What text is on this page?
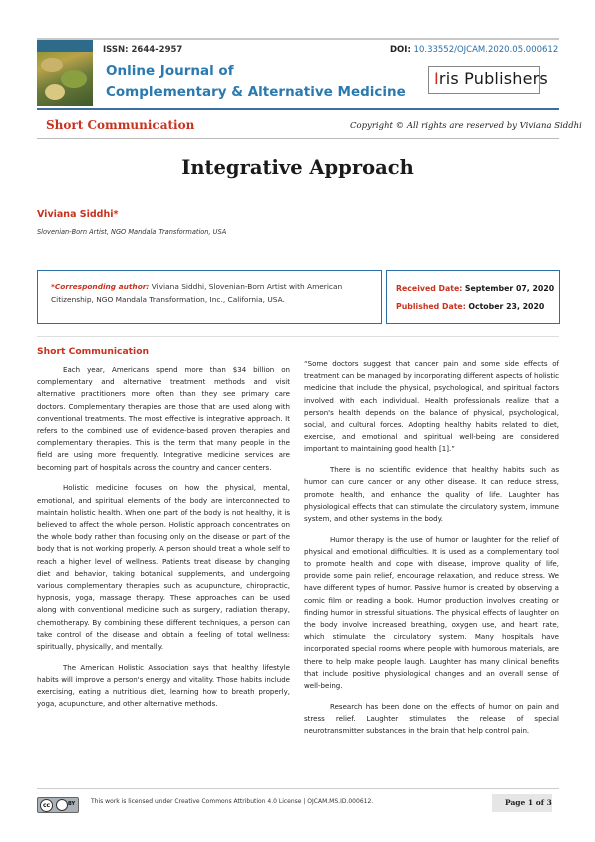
ISSN: 2644-2957	DOI: 10.33552/OJCAM.2020.05.000612
Online Journal of
Complementary & Alternative Medicine
Iris Publishers
Short Communication	Copyright © All rights are reserved by Viviana Siddhi
Integrative Approach
Viviana Siddhi*
Slovenian-Born Artist, NGO Mandala Transformation, USA
*Corresponding author: Viviana Siddhi, Slovenian-Born Artist with American Citizenship, NGO Mandala Transformation, Inc., California, USA.
Received Date: September 07, 2020
Published Date: October 23, 2020
Short Communication

Each year, Americans spend more than $34 billion on complementary and alternative treatment methods and visit alternative practitioners more often than they see primary care doctors. Complementary therapies are those that are used along with conventional treatments. The most effective is integrative approach. It refers to the combined use of evidence-based proven therapies and complementary therapies. This is the term that many people in the field are using more frequently. Integrative medicine services are becoming part of hospitals across the country and cancer centers.

Holistic medicine focuses on how the physical, mental, emotional, and spiritual elements of the body are interconnected to maintain holistic health. When one part of the body is not healthy, it is believed to affect the whole person. Holistic approach concentrates on the whole body rather than focusing only on the disease or part of the body that is not working properly. A person should treat a whole self to reach a higher level of wellness. Patients treat disease by changing diet and behavior, taking botanical supplements, and undergoing various complementary therapies such as acupuncture, chiropractic, hypnosis, yoga, massage therapy. These approaches can be used along with conventional medicine such as surgery, radiation therapy, chemotherapy. By combining these different techniques, a person can take control of the disease and obtain a feeling of total wellness: spiritually, physically, and mentally.

The American Holistic Association says that healthy lifestyle habits will improve a person's energy and vitality. Those habits include exercising, eating a nutritious diet, learning how to breath properly, yoga, acupuncture, and other alternative methods.

“Some doctors suggest that cancer pain and some side effects of treatment can be managed by incorporating different aspects of holistic medicine that include the physical, psychological, and spiritual factors involved with each individual. Health professionals realize that a person's health depends on the balance of physical, psychological, social, and cultural forces. Adopting healthy habits related to diet, exercise, and emotional and spiritual well-being are considered important to maintaining good health [1].”

There is no scientific evidence that healthy habits such as humor can cure cancer or any other disease. It can reduce stress, promote health, and enhance the quality of life. Laughter has physiological effects that can stimulate the circulatory system, immune system, and other systems in the body.

Humor therapy is the use of humor or laughter for the relief of physical and emotional difficulties. It is used as a complementary tool to promote health and cope with disease, improve quality of life, provide some pain relief, encourage relaxation, and reduce stress. We have different types of humor. Passive humor is created by observing a comic film or reading a book. Humor production involves creating or finding humor in stressful situations. The physical effects of laughter on the body involve increased breathing, oxygen use, and heart rate, which stimulate the circulatory system. Many hospitals have incorporated special rooms where people with humorous materials, are there to help make people laugh. Laughter has many clinical benefits that include positive physiological changes and an overall sense of well-being.

Research has been done on the effects of humor on pain and stress relief. Laughter stimulates the release of special neurotransmitter substances in the brain that help control pain.

cc	BY	This work is licensed under Creative Commons Attribution 4.0 License | OJCAM.MS.ID.000612.	Page 1 of 3
